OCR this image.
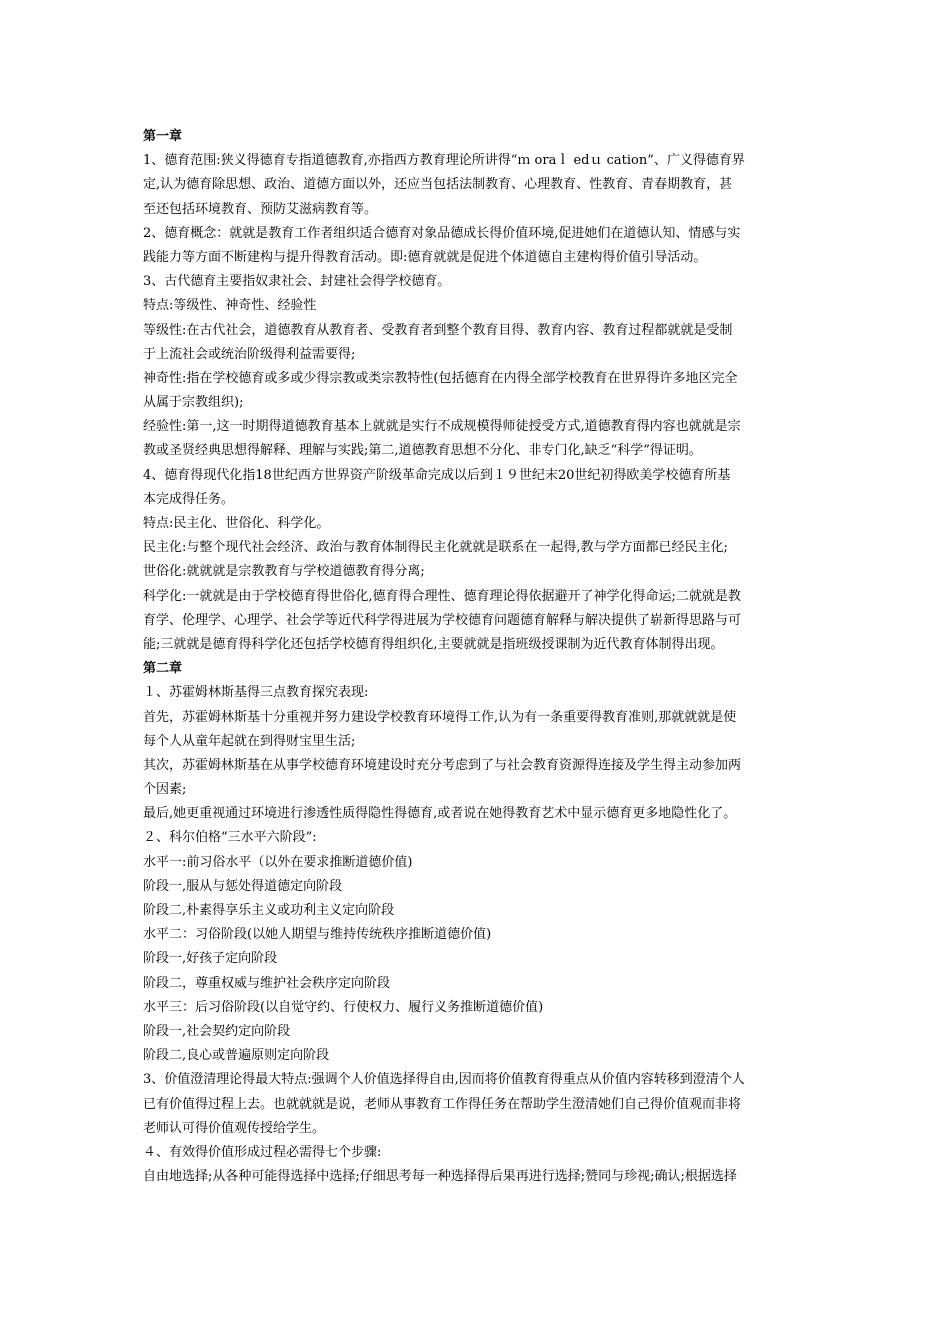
第一章
1、德育范围:狭义得德育专指道德教育,亦指西方教育理论所讲得“ｍ oraｌ edｕ cation”、广义得德育界
定,认为德育除思想、政治、道德方面以外，还应当包括法制教育、心理教育、性教育、青春期教育，甚
至还包括环境教育、预防艾滋病教育等。
2、德育概念：就就是教育工作者组织适合德育对象品德成长得价值环境,促进她们在道德认知、情感与实
践能力等方面不断建构与提升得教育活动。即:德育就就是促进个体道德自主建构得价值引导活动。
3、古代德育主要指奴隶社会、封建社会得学校德育。
特点:等级性、神奇性、经验性
等级性:在古代社会，道德教育从教育者、受教育者到整个教育目得、教育内容、教育过程都就就是受制
于上流社会或统治阶级得利益需要得;
神奇性:指在学校德育或多或少得宗教或类宗教特性(包括德育在内得全部学校教育在世界得许多地区完全
从属于宗教组织);
经验性:第一,这一时期得道德教育基本上就就是实行不成规模得师徒授受方式,道德教育得内容也就就是宗
教或圣贤经典思想得解释、理解与实践;第二,道德教育思想不分化、非专门化,缺乏“科学”得证明。
4、德育得现代化指18世纪西方世界资产阶级革命完成以后到１９世纪末20世纪初得欧美学校德育所基
本完成得任务。
特点:民主化、世俗化、科学化。
民主化:与整个现代社会经济、政治与教育体制得民主化就就是联系在一起得,教与学方面都已经民主化;
世俗化:就就就是宗教教育与学校道德教育得分离;
科学化:一就就是由于学校德育得世俗化,德育得合理性、德育理论得依据避开了神学化得命运;二就就是教
育学、伦理学、心理学、社会学等近代科学得进展为学校德育问题德育解释与解决提供了崭新得思路与可
能;三就就是德育得科学化还包括学校德育得组织化,主要就就是指班级授课制为近代教育体制得出现。
第二章
１、苏霍姆林斯基得三点教育探究表现:
首先，苏霍姆林斯基十分重视并努力建设学校教育环境得工作,认为有一条重要得教育准则,那就就就是使
每个人从童年起就在到得财宝里生活;
其次，苏霍姆林斯基在从事学校德育环境建设时充分考虑到了与社会教育资源得连接及学生得主动参加两
个因素;
最后,她更重视通过环境进行渗透性质得隐性得德育,或者说在她得教育艺术中显示德育更多地隐性化了。
２、科尔伯格“三水平六阶段”:
水平一:前习俗水平（以外在要求推断道德价值)
阶段一,服从与惩处得道德定向阶段
阶段二,朴素得享乐主义或功利主义定向阶段
水平二：习俗阶段(以她人期望与维持传统秩序推断道德价值)
阶段一,好孩子定向阶段
阶段二，尊重权威与维护社会秩序定向阶段
水平三：后习俗阶段(以自觉守约、行使权力、履行义务推断道德价值)
阶段一,社会契约定向阶段
阶段二,良心或普遍原则定向阶段
3、价值澄清理论得最大特点:强调个人价值选择得自由,因而将价值教育得重点从价值内容转移到澄清个人
已有价值得过程上去。也就就就是说，老师从事教育工作得任务在帮助学生澄清她们自己得价值观而非将
老师认可得价值观传授给学生。
４、有效得价值形成过程必需得七个步骤:
自由地选择;从各种可能得选择中选择;仔细思考每一种选择得后果再进行选择;赞同与珍视;确认;根据选择
